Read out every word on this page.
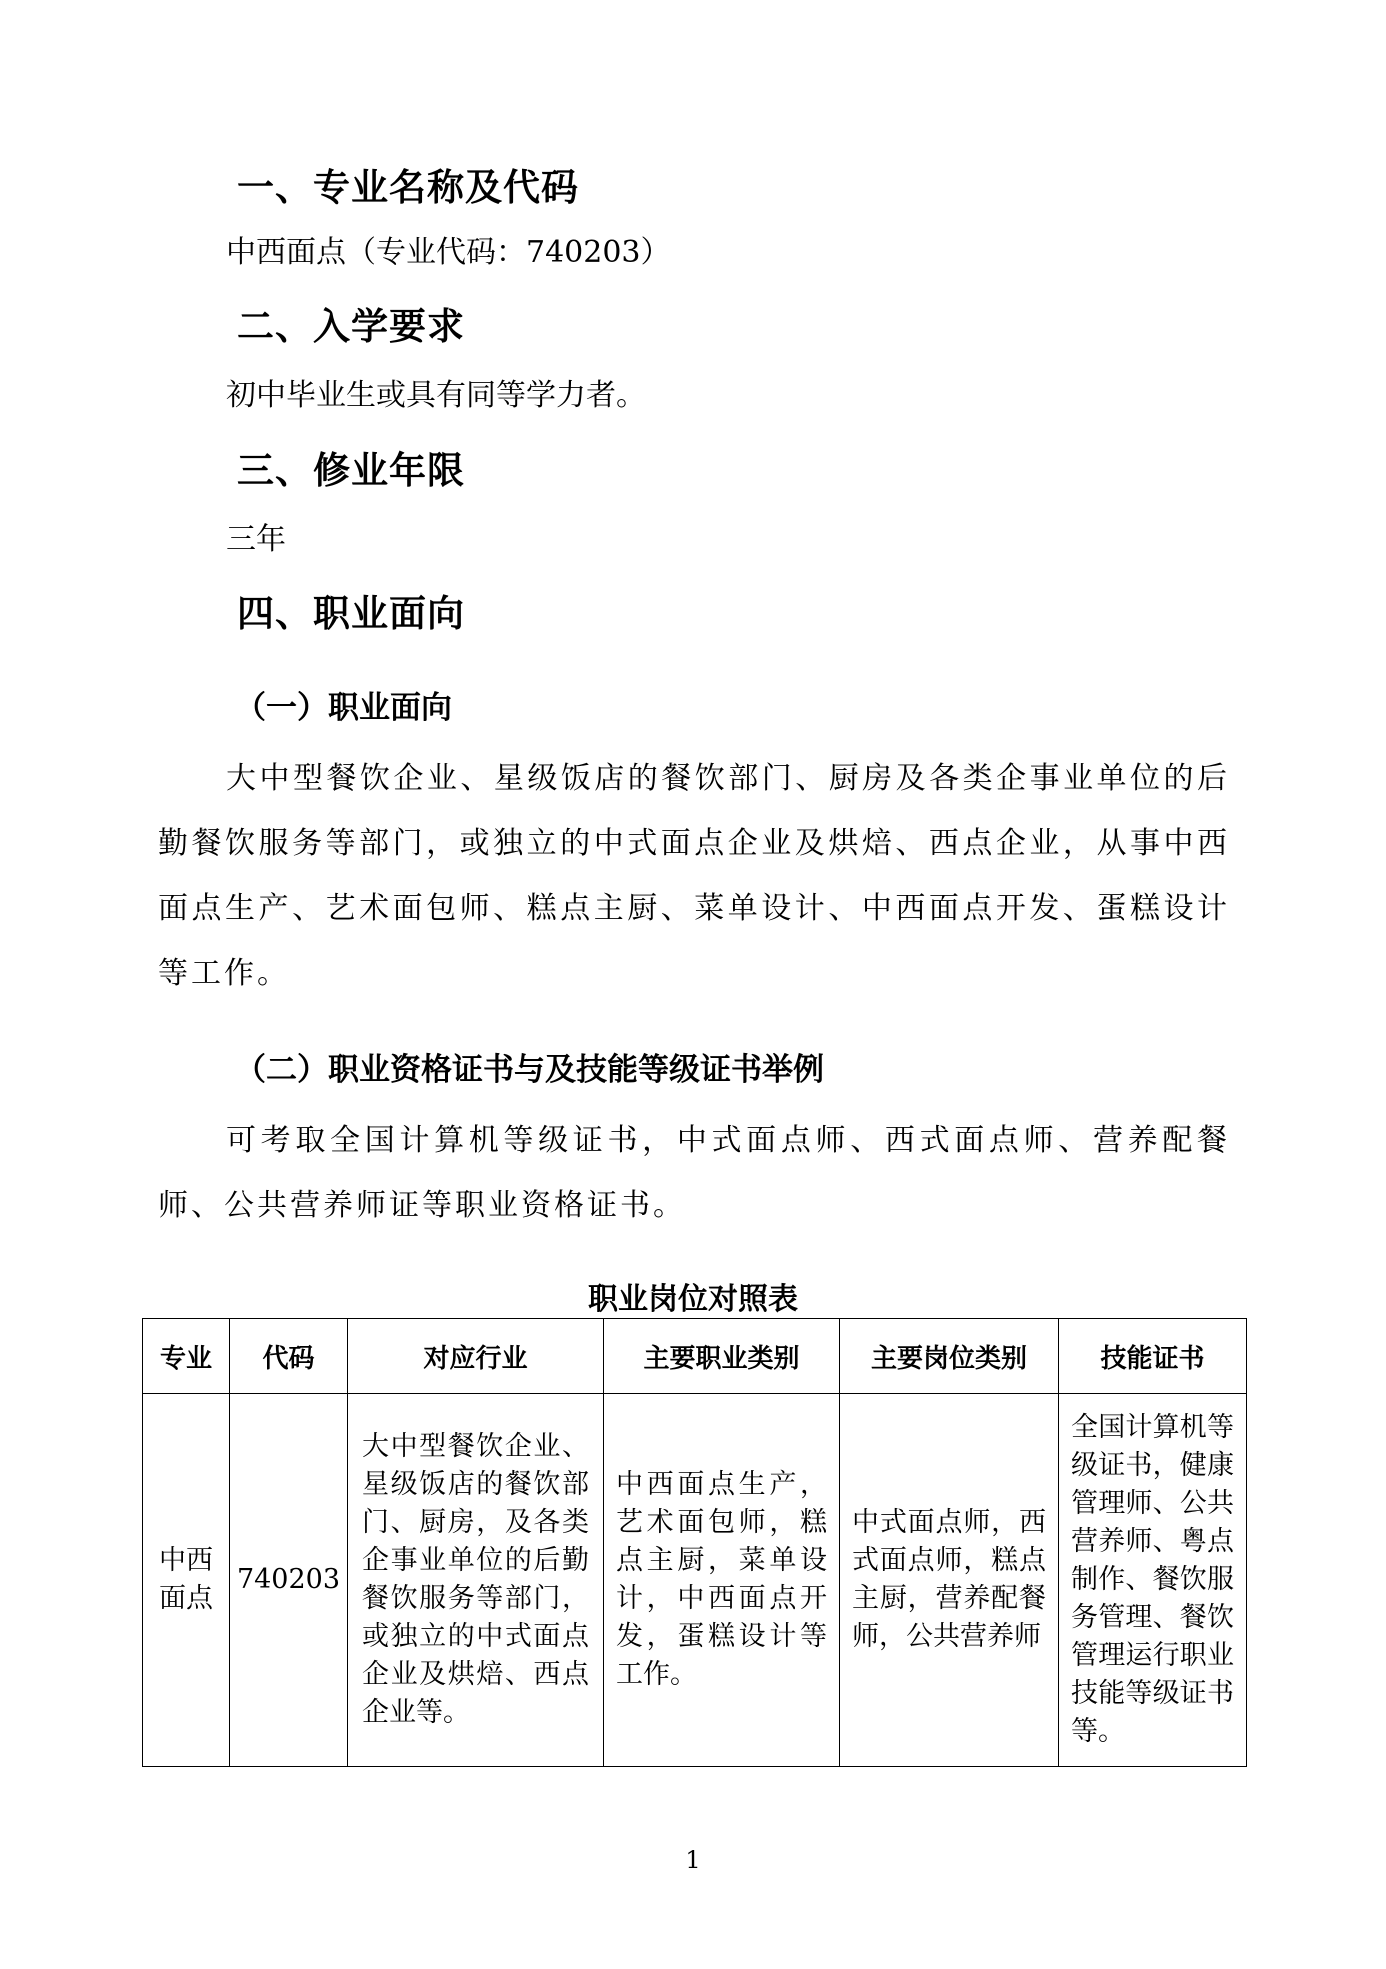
一、专业名称及代码

中西面点（专业代码：740203）

二、入学要求

初中毕业生或具有同等学力者。

三、修业年限

三年

四、职业面向
（一）职业面向

大中型餐饮企业、星级饭店的餐饮部门、厨房及各类企事业单位的后勤餐饮服务等部门，或独立的中式面点企业及烘焙、西点企业，从事中西面点生产、艺术面包师、糕点主厨、菜单设计、中西面点开发、蛋糕设计等工作。

（二）职业资格证书与及技能等级证书举例

可考取全国计算机等级证书，中式面点师、西式面点师、营养配餐师、公共营养师证等职业资格证书。

职业岗位对照表

专业	代码	对应行业	主要职业类别	主要岗位类别	技能证书
中西面点	740203	大中型餐饮企业、星级饭店的餐饮部门、厨房，及各类企事业单位的后勤餐饮服务等部门，或独立的中式面点企业及烘焙、西点企业等。	中西面点生产，艺术面包师，糕点主厨，菜单设计，中西面点开发，蛋糕设计等工作。	中式面点师，西式面点师，糕点主厨，营养配餐师，公共营养师	全国计算机等级证书，健康管理师、公共营养师、粤点制作、餐饮服务管理、餐饮管理运行职业技能等级证书等。

1
